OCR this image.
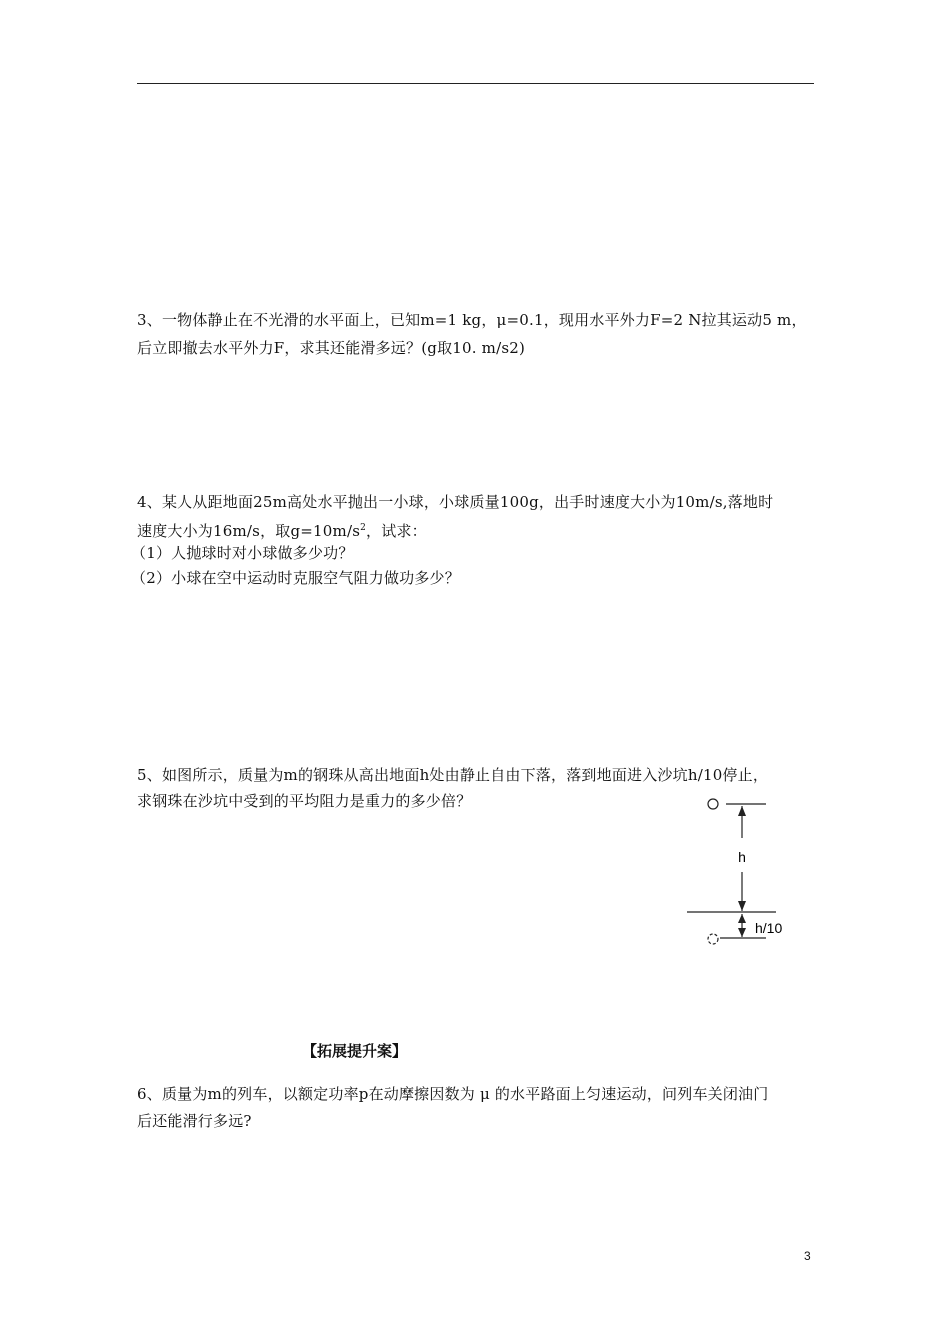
3、一物体静止在不光滑的水平面上，已知m=1 kg，μ=0.1，现用水平外力F=2 N拉其运动5 m，
后立即撤去水平外力F，求其还能滑多远？(g取10. m/s2)
4、某人从距地面25m高处水平抛出一小球，小球质量100g，出手时速度大小为10m/s,落地时
速度大小为16m/s，取$g=10m/s^2$，试求：
（1）人抛球时对小球做多少功？
（2）小球在空中运动时克服空气阻力做功多少？
5、如图所示，质量为m的钢珠从高出地面h处由静止自由下落，落到地面进入沙坑h/10停止，
求钢珠在沙坑中受到的平均阻力是重力的多少倍？
h
h/10
【拓展提升案】
6、质量为m的列车，以额定功率p在动摩擦因数为 μ 的水平路面上匀速运动，问列车关闭油门
后还能滑行多远?
3
